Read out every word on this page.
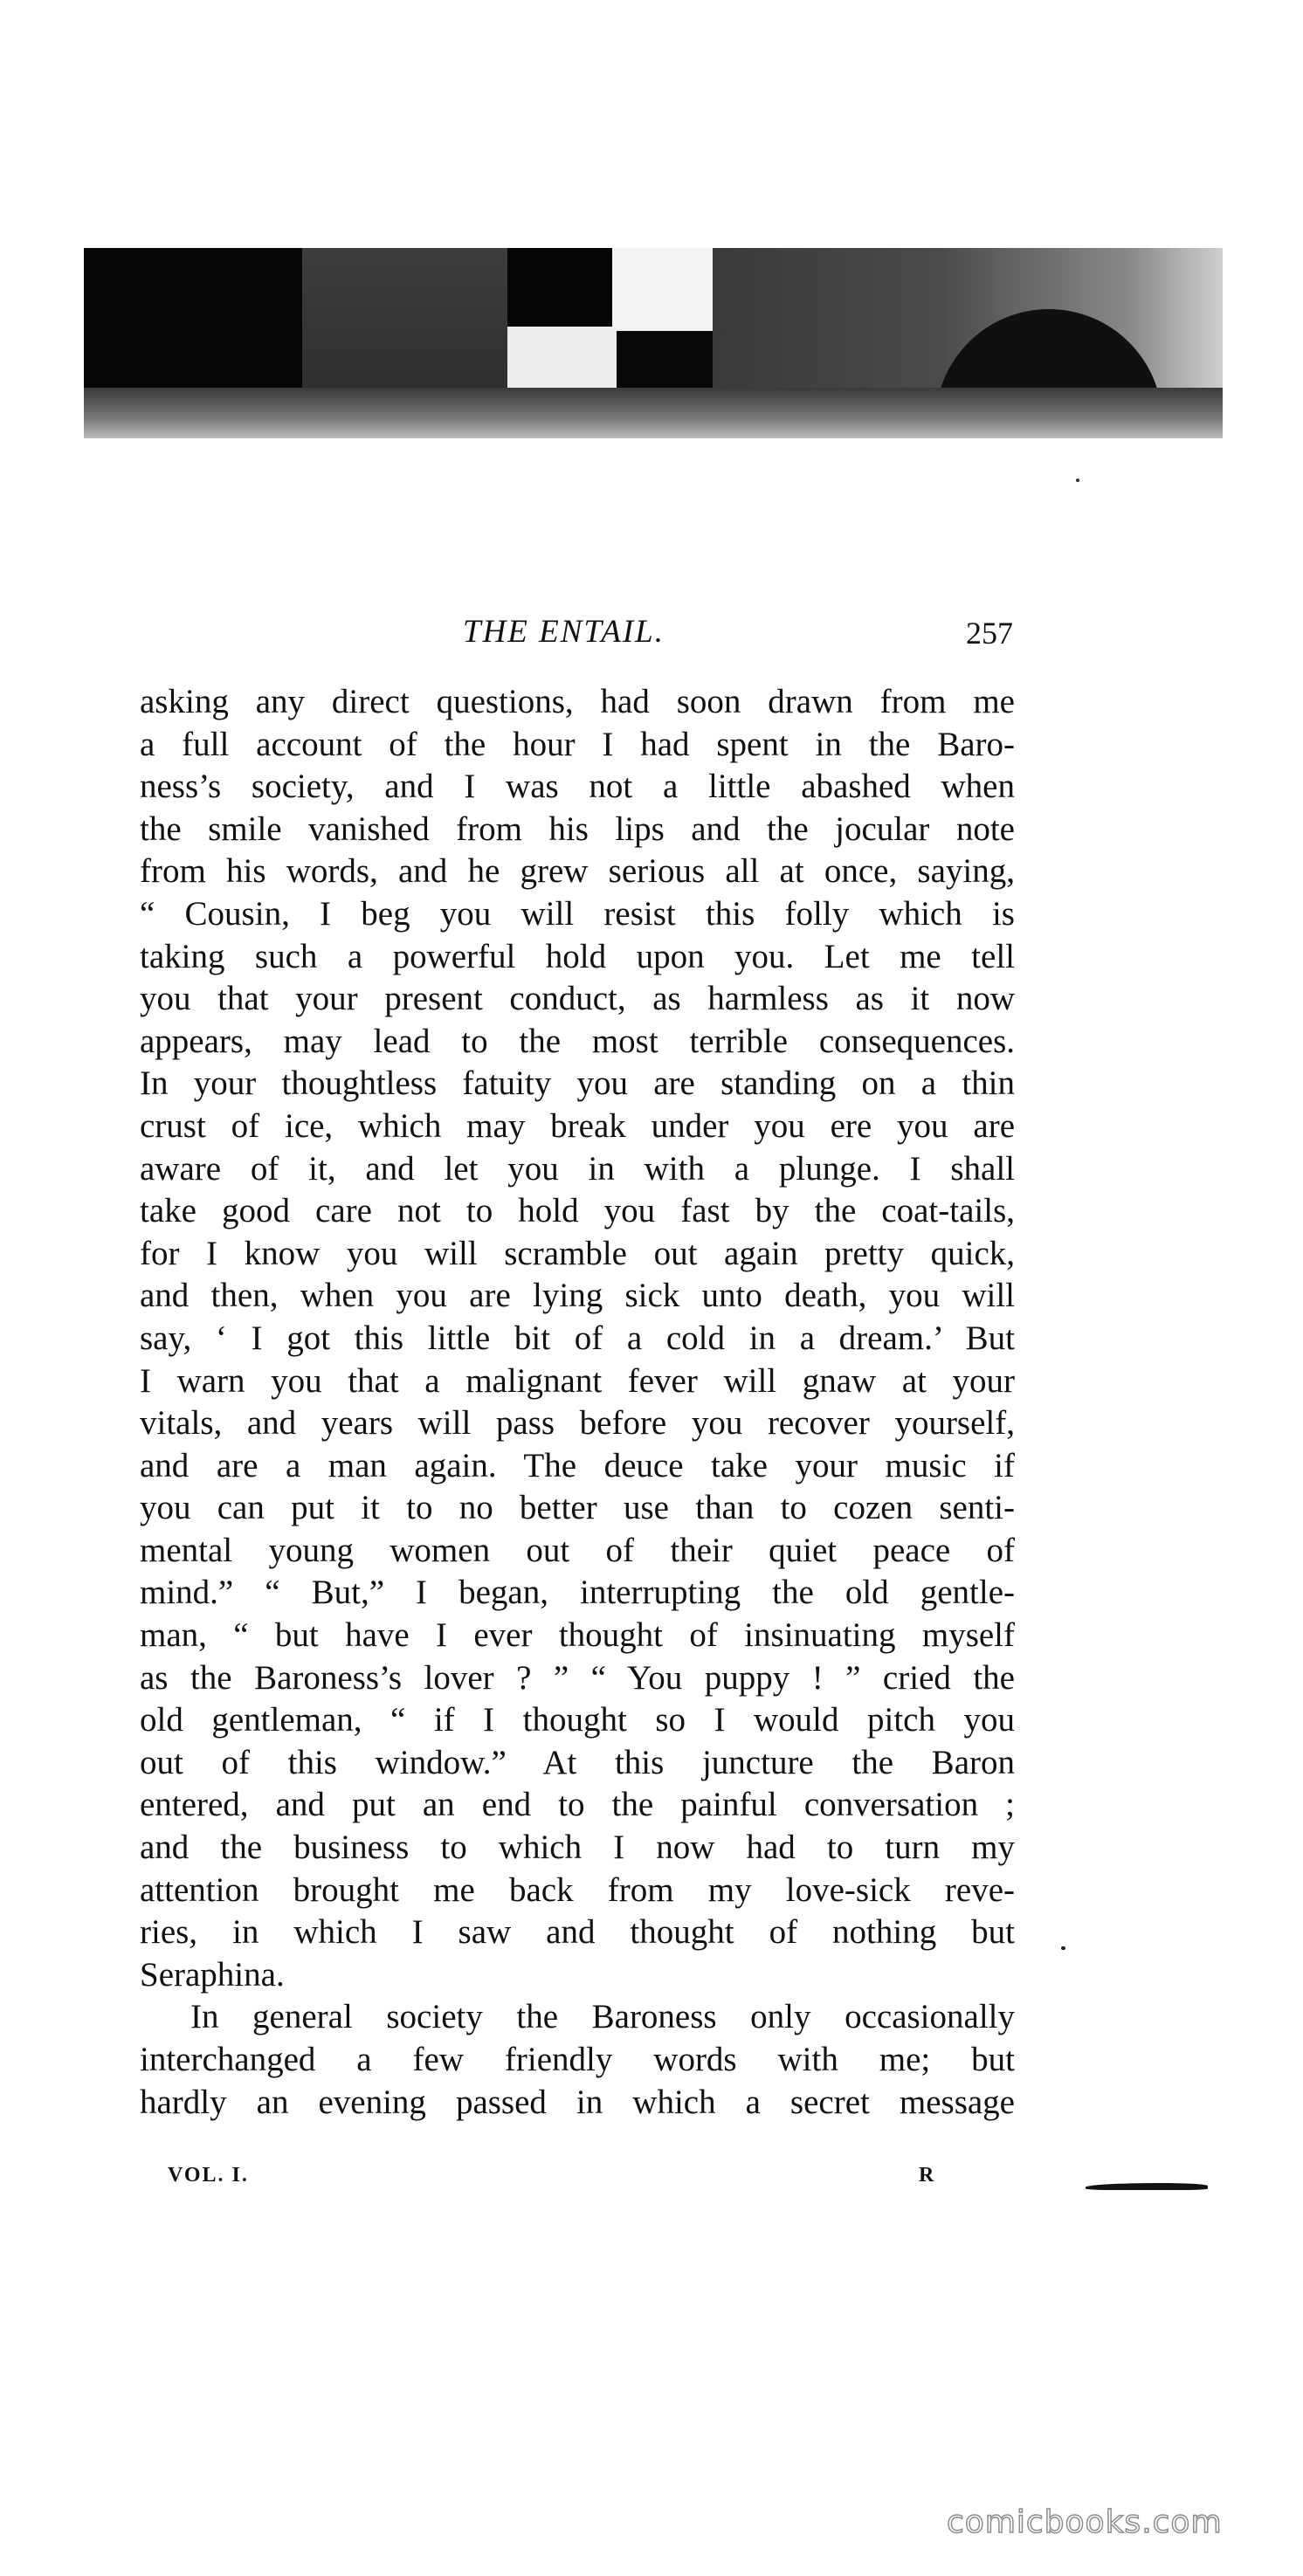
THE ENTAIL.	257
asking any direct questions, had soon drawn from me
a full account of the hour I had spent in the Baro-
ness’s society, and I was not a little abashed when
the smile vanished from his lips and the jocular note
from his words, and he grew serious all at once, saying,
“ Cousin, I beg you will resist this folly which is
taking such a powerful hold upon you. Let me tell
you that your present conduct, as harmless as it now
appears, may lead to the most terrible consequences.
In your thoughtless fatuity you are standing on a thin
crust of ice, which may break under you ere you are
aware of it, and let you in with a plunge. I shall
take good care not to hold you fast by the coat-tails,
for I know you will scramble out again pretty quick,
and then, when you are lying sick unto death, you will
say, ‘ I got this little bit of a cold in a dream.’ But
I warn you that a malignant fever will gnaw at your
vitals, and years will pass before you recover yourself,
and are a man again. The deuce take your music if
you can put it to no better use than to cozen senti-
mental young women out of their quiet peace of
mind.” “ But,” I began, interrupting the old gentle-
man, “ but have I ever thought of insinuating myself
as the Baroness’s lover ? ” “ You puppy ! ” cried the
old gentleman, “ if I thought so I would pitch you
out of this window.” At this juncture the Baron
entered, and put an end to the painful conversation ;
and the business to which I now had to turn my
attention brought me back from my love-sick reve-
ries, in which I saw and thought of nothing but
Seraphina.
In general society the Baroness only occasionally
interchanged a few friendly words with me; but
hardly an evening passed in which a secret message
VOL. I.	R
comicbooks.com
